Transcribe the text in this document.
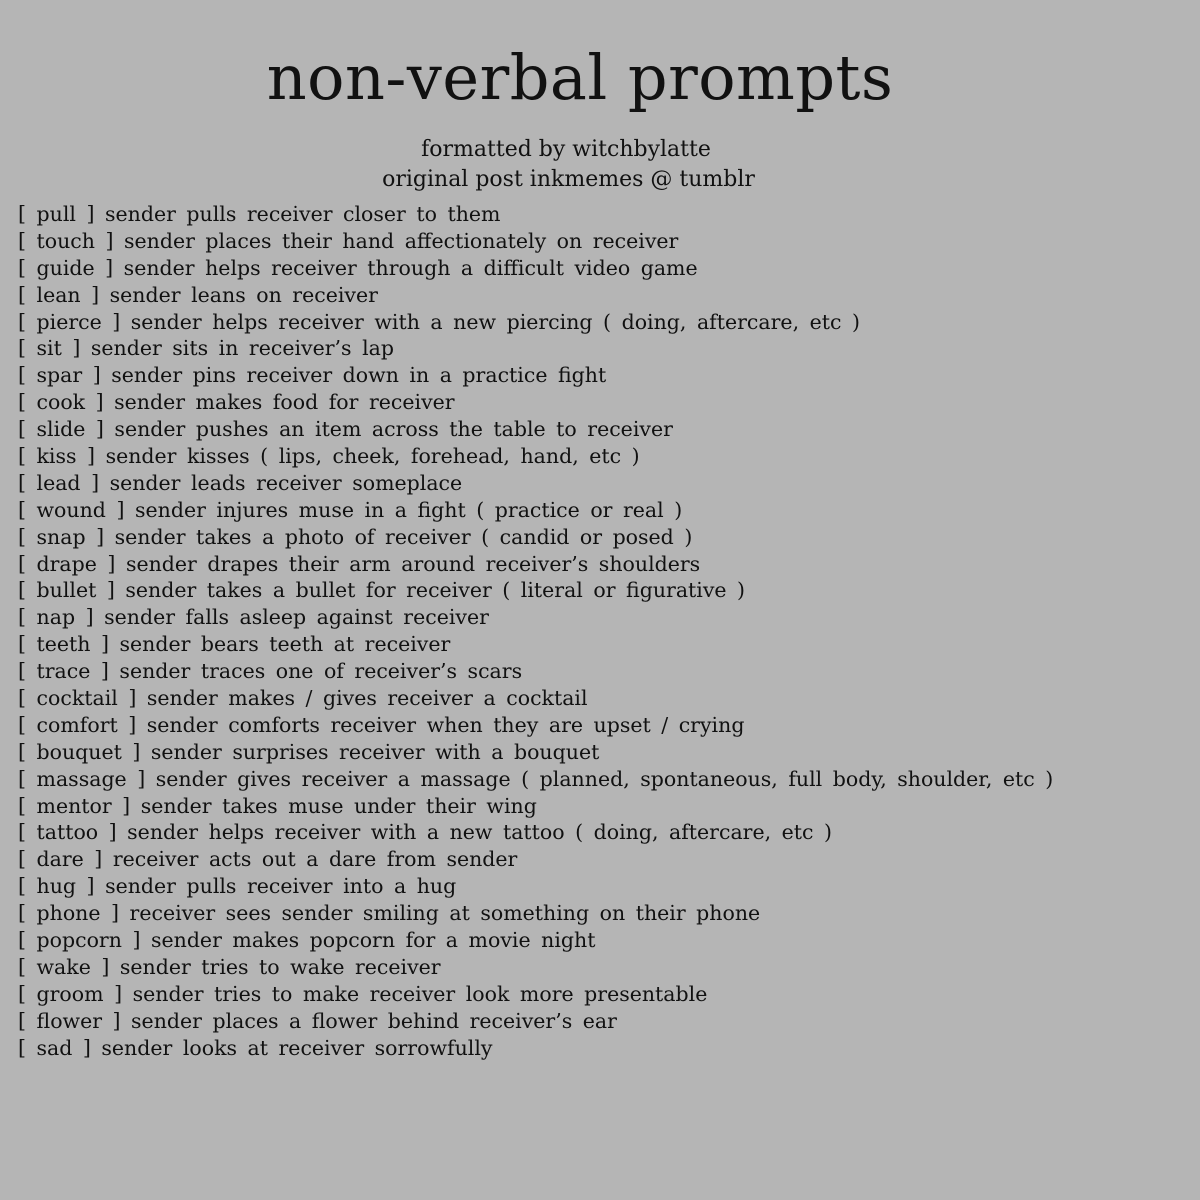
non-verbal prompts
formatted by witchbylatte
original post inkmemes @ tumblr
[ pull ] sender pulls receiver closer to them
[ touch ] sender places their hand affectionately on receiver
[ guide ] sender helps receiver through a difficult video game
[ lean ] sender leans on receiver
[ pierce ] sender helps receiver with a new piercing ( doing, aftercare, etc )
[ sit ] sender sits in receiver’s lap
[ spar ] sender pins receiver down in a practice fight
[ cook ] sender makes food for receiver
[ slide ] sender pushes an item across the table to receiver
[ kiss ] sender kisses ( lips, cheek, forehead, hand, etc )
[ lead ] sender leads receiver someplace
[ wound ] sender injures muse in a fight ( practice or real )
[ snap ] sender takes a photo of receiver ( candid or posed )
[ drape ] sender drapes their arm around receiver’s shoulders
[ bullet ] sender takes a bullet for receiver ( literal or figurative )
[ nap ] sender falls asleep against receiver
[ teeth ] sender bears teeth at receiver
[ trace ] sender traces one of receiver’s scars
[ cocktail ] sender makes / gives receiver a cocktail
[ comfort ] sender comforts receiver when they are upset / crying
[ bouquet ] sender surprises receiver with a bouquet
[ massage ] sender gives receiver a massage ( planned, spontaneous, full body, shoulder, etc )
[ mentor ] sender takes muse under their wing
[ tattoo ] sender helps receiver with a new tattoo ( doing, aftercare, etc )
[ dare ] receiver acts out a dare from sender
[ hug ] sender pulls receiver into a hug
[ phone ] receiver sees sender smiling at something on their phone
[ popcorn ] sender makes popcorn for a movie night
[ wake ] sender tries to wake receiver
[ groom ] sender tries to make receiver look more presentable
[ flower ] sender places a flower behind receiver’s ear
[ sad ] sender looks at receiver sorrowfully
